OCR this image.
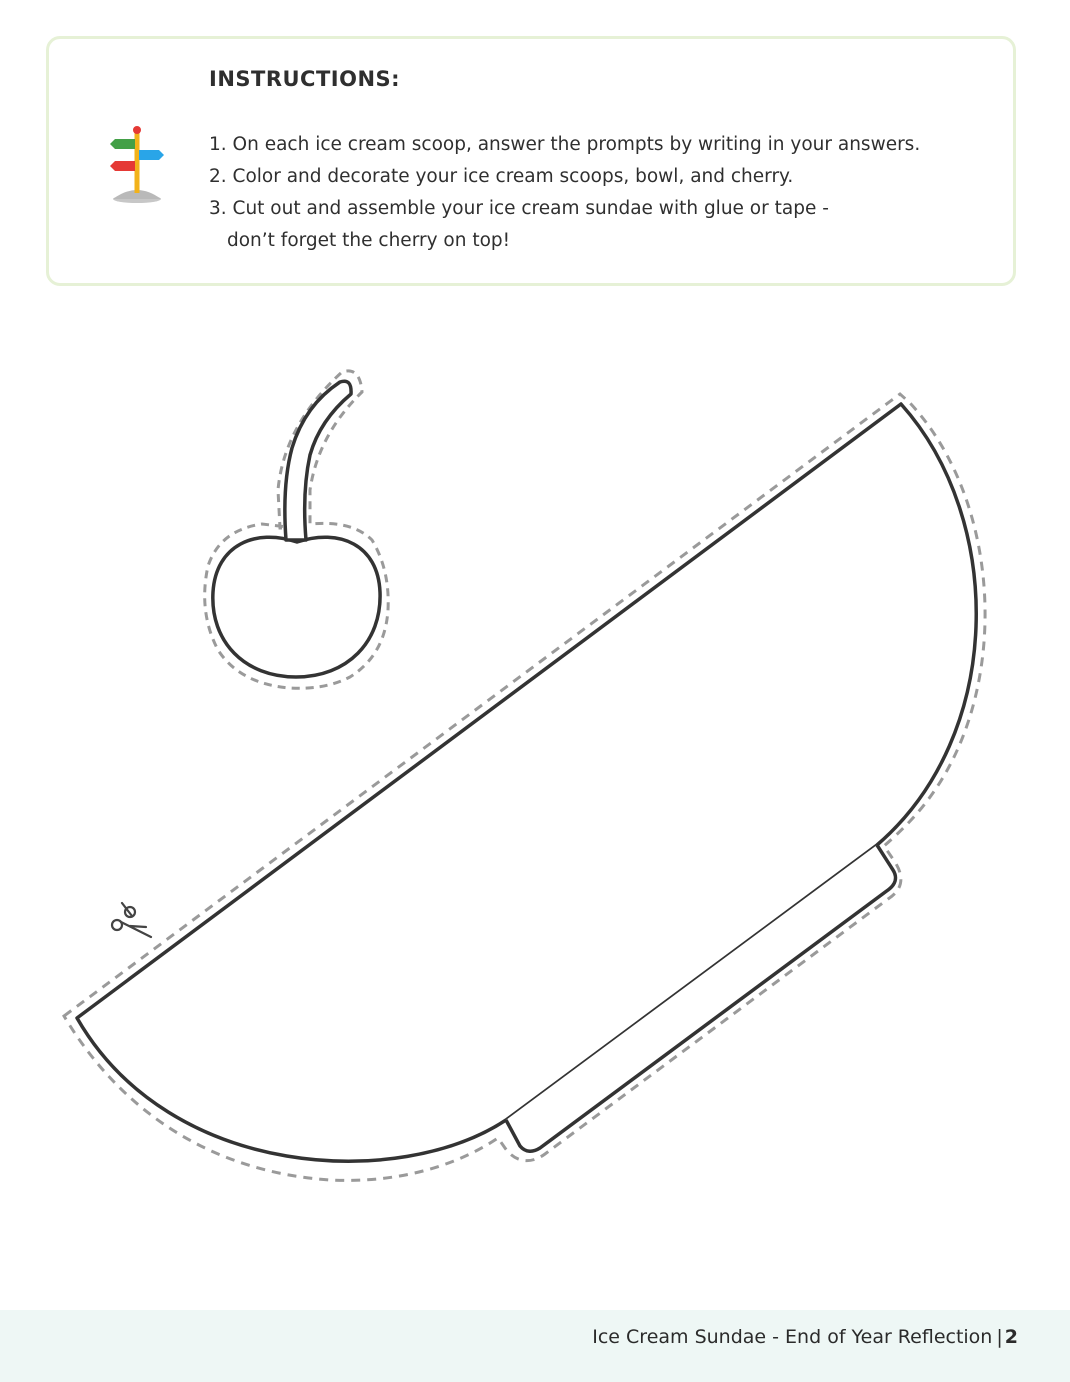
INSTRUCTIONS:
1. On each ice cream scoop, answer the prompts by writing in your answers.
2. Color and decorate your ice cream scoops, bowl, and cherry.
3. Cut out and assemble your ice cream sundae with glue or tape -
don’t forget the cherry on top!
Ice Cream Sundae - End of Year Reflection | 2
